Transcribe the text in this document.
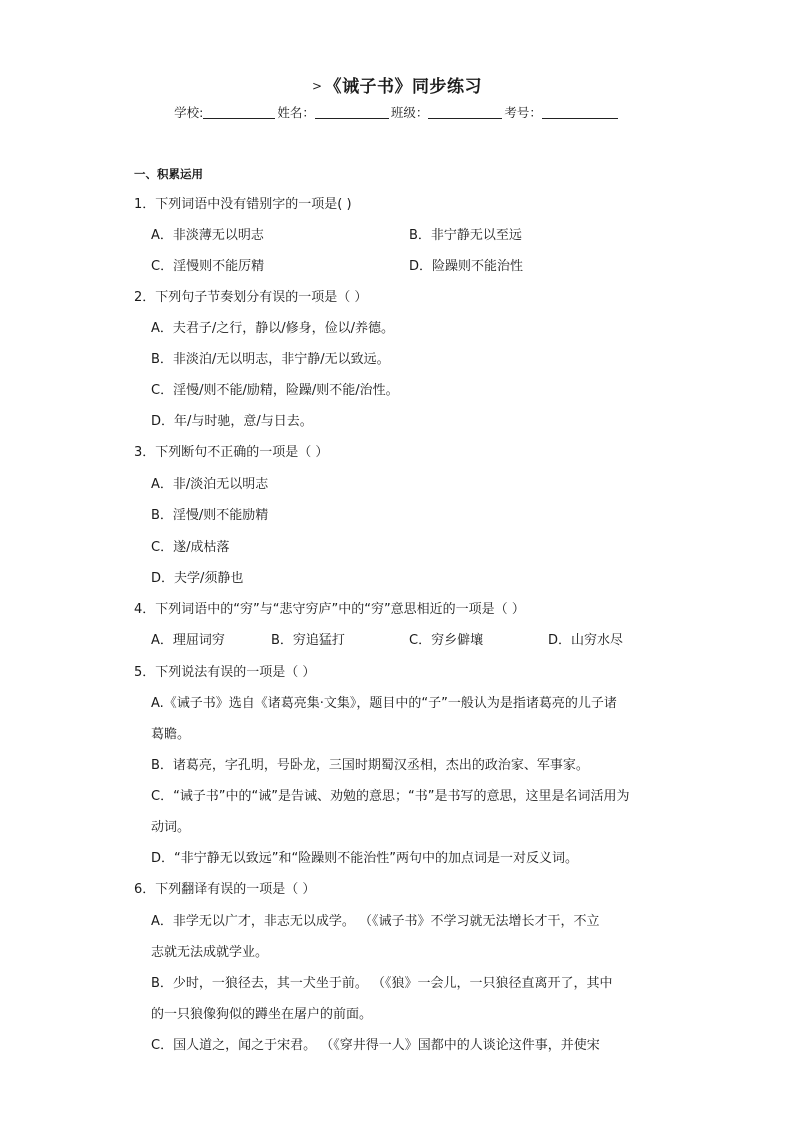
> 《诫子书》同步练习
学校:	姓名：	班级：	考号：
一、积累运用
1．下列词语中没有错别字的一项是( )
A．非淡薄无以明志	B．非宁静无以至远
C．淫慢则不能厉精	D．险躁则不能治性
2．下列句子节奏划分有误的一项是（ ）
A．夫君子/之行，静以/修身，俭以/养德。
B．非淡泊/无以明志，非宁静/无以致远。
C．淫慢/则不能/励精，险躁/则不能/治性。
D．年/与时驰，意/与日去。
3．下列断句不正确的一项是（ ）
A．非/淡泊无以明志
B．淫慢/则不能励精
C．遂/成枯落
D．夫学/须静也
4．下列词语中的“穷”与“悲守穷庐”中的“穷”意思相近的一项是（ ）
A．理屈词穷	B．穷追猛打	C．穷乡僻壤	D．山穷水尽
5．下列说法有误的一项是（ ）
A.《诫子书》选自《诸葛亮集·文集》，题目中的“子”一般认为是指诸葛亮的儿子诸
葛瞻。
B．诸葛亮，字孔明，号卧龙，三国时期蜀汉丞相，杰出的政治家、军事家。
C．“诫子书”中的“诫”是告诫、劝勉的意思；“书”是书写的意思，这里是名词活用为
动词。
D．“非宁静无以致远”和“险躁则不能治性”两句中的加点词是一对反义词。
6．下列翻译有误的一项是（ ）
A．非学无以广才，非志无以成学。 （《诫子书》不学习就无法增长才干，不立
志就无法成就学业。
B．少时，一狼径去，其一犬坐于前。 （《狼》一会儿，一只狼径直离开了，其中
的一只狼像狗似的蹲坐在屠户的前面。
C．国人道之，闻之于宋君。 （《穿井得一人》国都中的人谈论这件事，并使宋
